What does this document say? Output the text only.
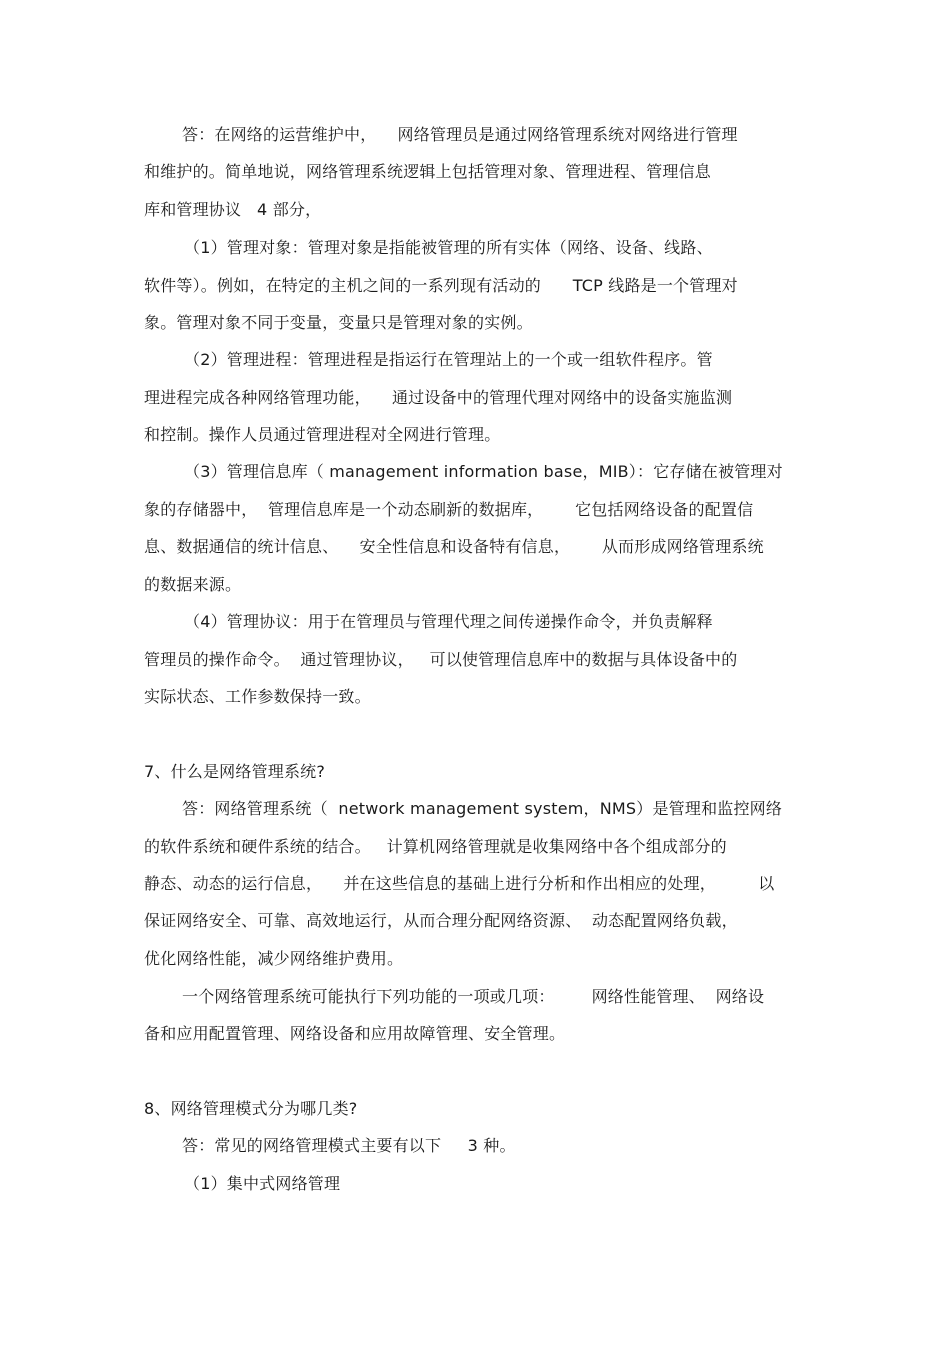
答：在网络的运营维护中，    网络管理员是通过网络管理系统对网络进行管理
和维护的。简单地说，网络管理系统逻辑上包括管理对象、管理进程、管理信息
库和管理协议   4 部分，
（1）管理对象：管理对象是指能被管理的所有实体（网络、设备、线路、
软件等）。例如，在特定的主机之间的一系列现有活动的      TCP 线路是一个管理对
象。管理对象不同于变量，变量只是管理对象的实例。
（2）管理进程：管理进程是指运行在管理站上的一个或一组软件程序。管
理进程完成各种网络管理功能，    通过设备中的管理代理对网络中的设备实施监测
和控制。操作人员通过管理进程对全网进行管理。
（3）管理信息库（ management information base，MIB）：它存储在被管理对
象的存储器中，  管理信息库是一个动态刷新的数据库，      它包括网络设备的配置信
息、数据通信的统计信息、    安全性信息和设备特有信息，      从而形成网络管理系统
的数据来源。
（4）管理协议：用于在管理员与管理代理之间传递操作命令，并负责解释
管理员的操作命令。  通过管理协议，   可以使管理信息库中的数据与具体设备中的
实际状态、工作参数保持一致。
7、什么是网络管理系统?
答：网络管理系统（  network management system，NMS）是管理和监控网络
的软件系统和硬件系统的结合。   计算机网络管理就是收集网络中各个组成部分的
静态、动态的运行信息，    并在这些信息的基础上进行分析和作出相应的处理，        以
保证网络安全、可靠、高效地运行，从而合理分配网络资源、  动态配置网络负载，
优化网络性能，减少网络维护费用。
一个网络管理系统可能执行下列功能的一项或几项：       网络性能管理、  网络设
备和应用配置管理、网络设备和应用故障管理、安全管理。
8、网络管理模式分为哪几类?
答：常见的网络管理模式主要有以下     3 种。
（1）集中式网络管理
